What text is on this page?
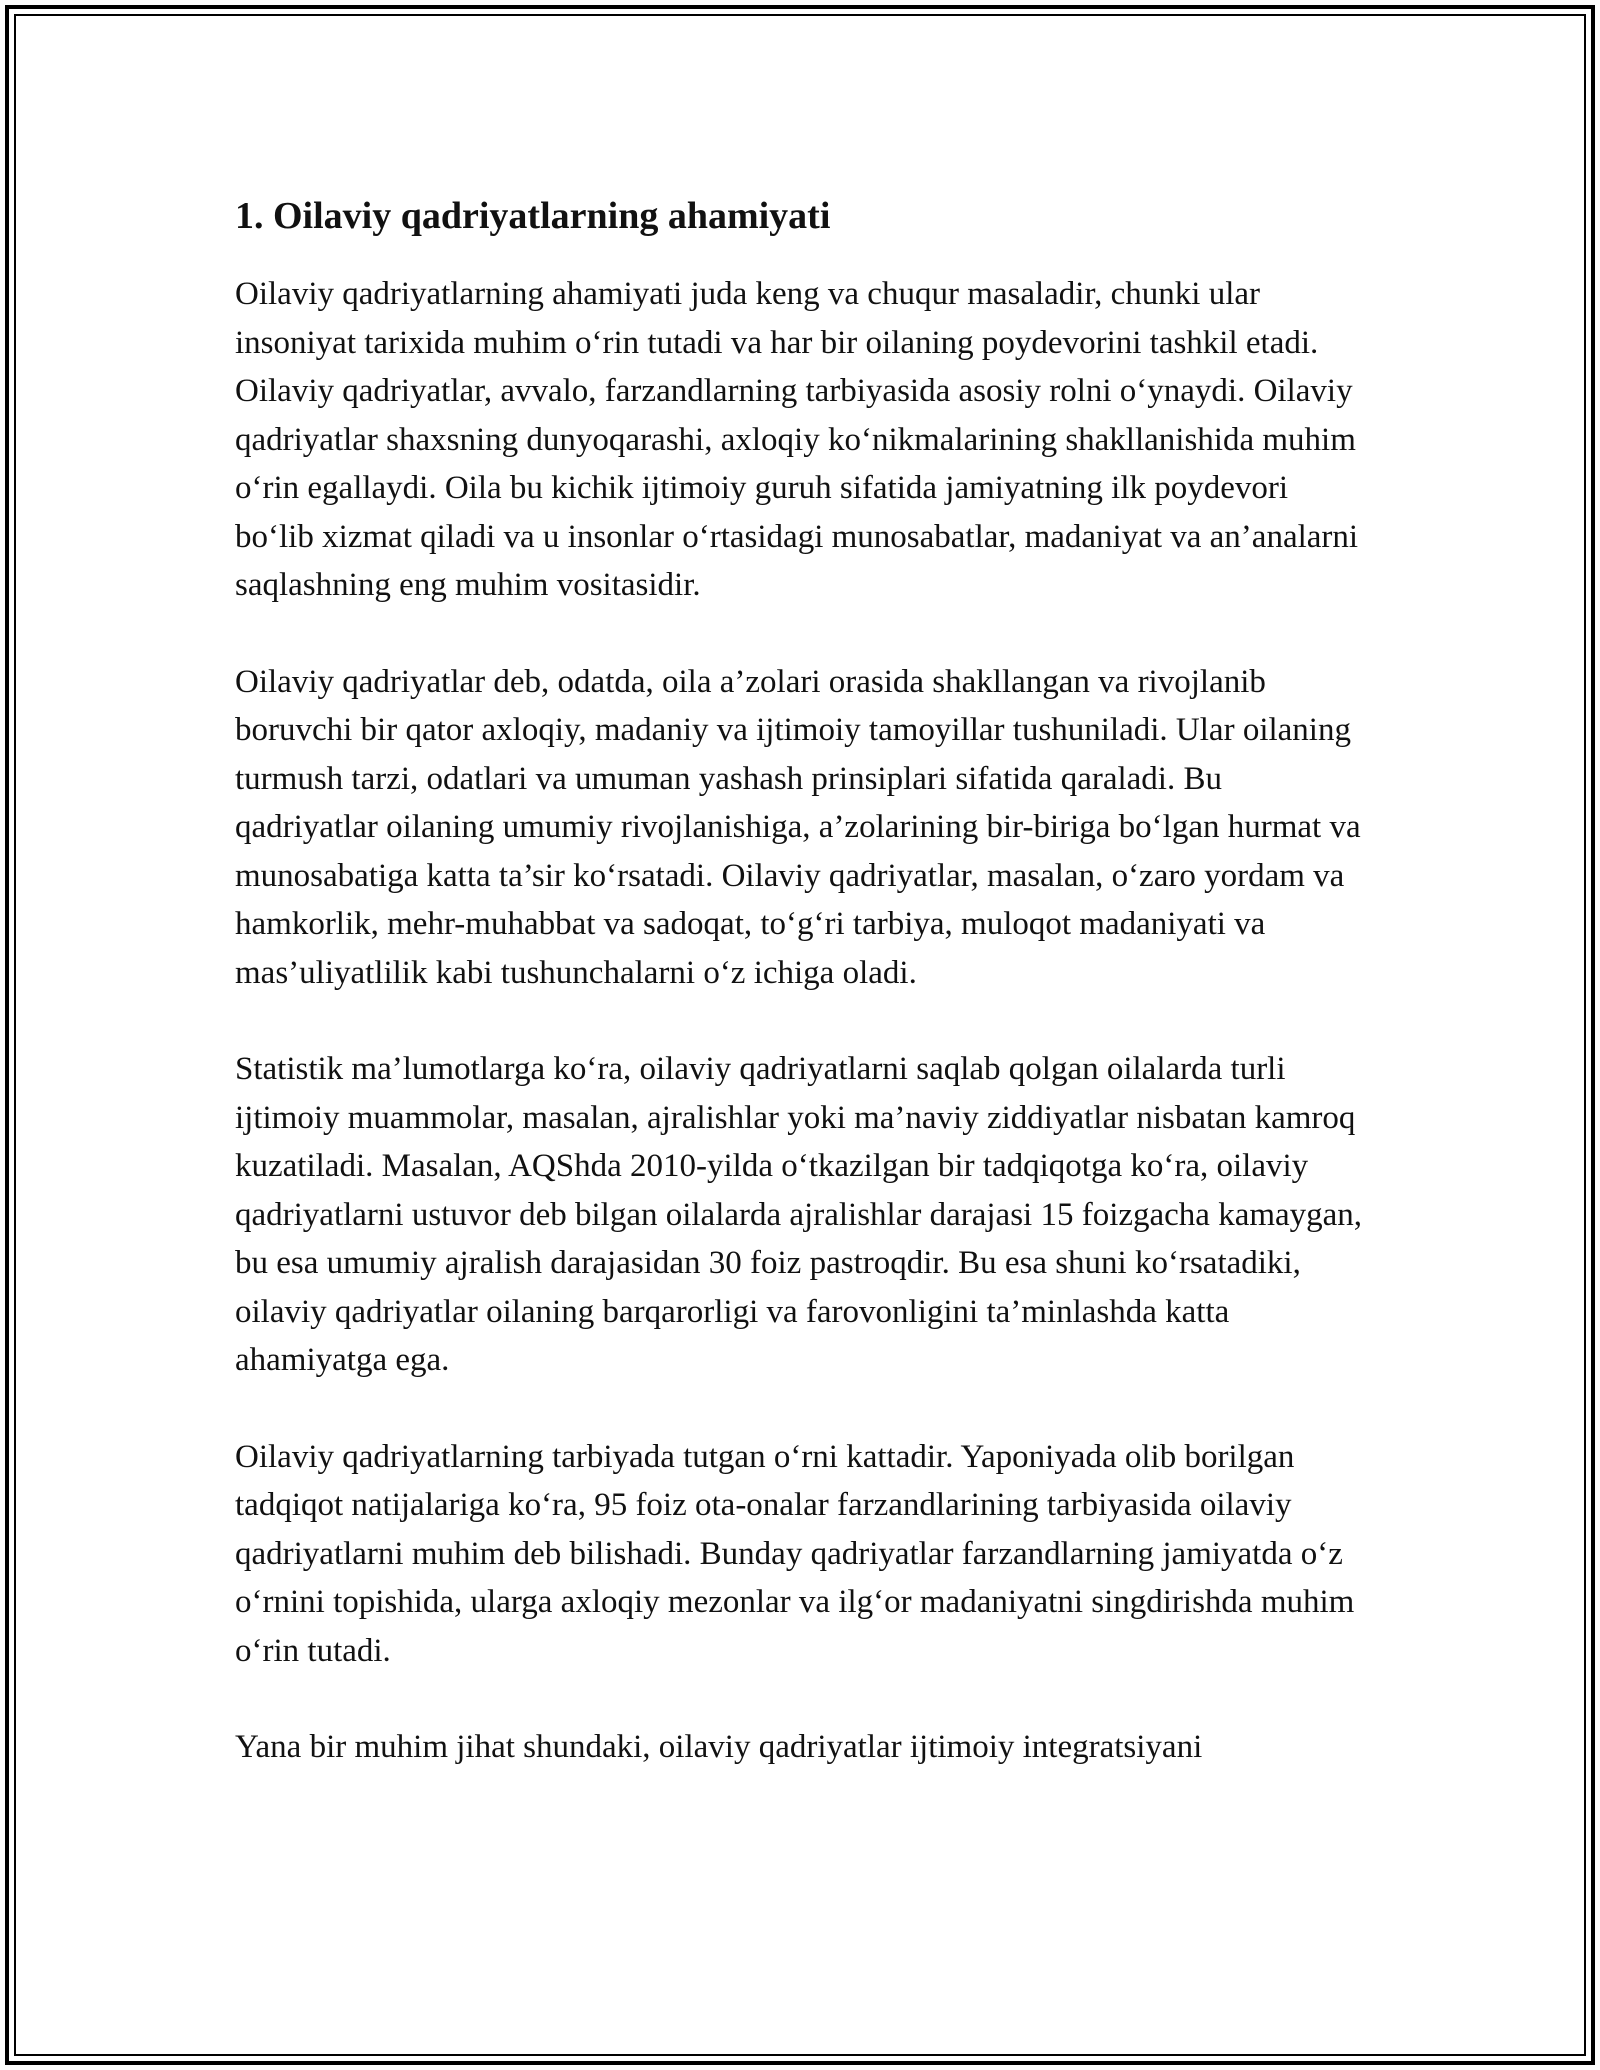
1. Oilaviy qadriyatlarning ahamiyati

Oilaviy qadriyatlarning ahamiyati juda keng va chuqur masaladir, chunki ular insoniyat tarixida muhim o‘rin tutadi va har bir oilaning poydevorini tashkil etadi. Oilaviy qadriyatlar, avvalo, farzandlarning tarbiyasida asosiy rolni o‘ynaydi. Oilaviy qadriyatlar shaxsning dunyoqarashi, axloqiy ko‘nikmalarining shakllanishida muhim o‘rin egallaydi. Oila bu kichik ijtimoiy guruh sifatida jamiyatning ilk poydevori bo‘lib xizmat qiladi va u insonlar o‘rtasidagi munosabatlar, madaniyat va an’analarni saqlashning eng muhim vositasidir.

Oilaviy qadriyatlar deb, odatda, oila a’zolari orasida shakllangan va rivojlanib boruvchi bir qator axloqiy, madaniy va ijtimoiy tamoyillar tushuniladi. Ular oilaning turmush tarzi, odatlari va umuman yashash prinsiplari sifatida qaraladi. Bu qadriyatlar oilaning umumiy rivojlanishiga, a’zolarining bir-biriga bo‘lgan hurmat va munosabatiga katta ta’sir ko‘rsatadi. Oilaviy qadriyatlar, masalan, o‘zaro yordam va hamkorlik, mehr-muhabbat va sadoqat, to‘g‘ri tarbiya, muloqot madaniyati va mas’uliyatlilik kabi tushunchalarni o‘z ichiga oladi.

Statistik ma’lumotlarga ko‘ra, oilaviy qadriyatlarni saqlab qolgan oilalarda turli ijtimoiy muammolar, masalan, ajralishlar yoki ma’naviy ziddiyatlar nisbatan kamroq kuzatiladi. Masalan, AQShda 2010-yilda o‘tkazilgan bir tadqiqotga ko‘ra, oilaviy qadriyatlarni ustuvor deb bilgan oilalarda ajralishlar darajasi 15 foizgacha kamaygan, bu esa umumiy ajralish darajasidan 30 foiz pastroqdir. Bu esa shuni ko‘rsatadiki, oilaviy qadriyatlar oilaning barqarorligi va farovonligini ta’minlashda katta ahamiyatga ega.

Oilaviy qadriyatlarning tarbiyada tutgan o‘rni kattadir. Yaponiyada olib borilgan tadqiqot natijalariga ko‘ra, 95 foiz ota-onalar farzandlarining tarbiyasida oilaviy qadriyatlarni muhim deb bilishadi. Bunday qadriyatlar farzandlarning jamiyatda o‘z o‘rnini topishida, ularga axloqiy mezonlar va ilg‘or madaniyatni singdirishda muhim o‘rin tutadi.

Yana bir muhim jihat shundaki, oilaviy qadriyatlar ijtimoiy integratsiyani
